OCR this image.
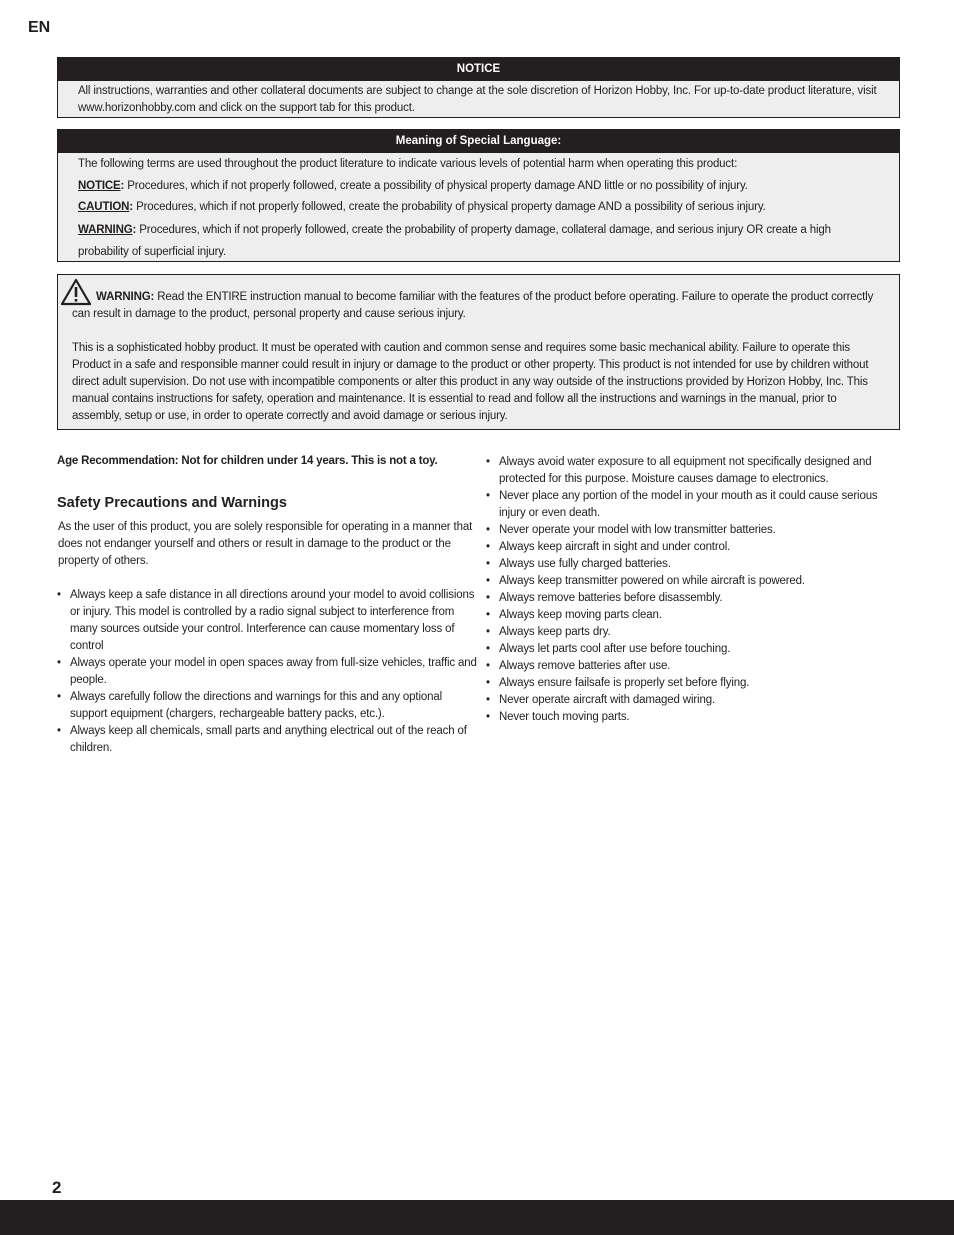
EN
NOTICE

All instructions, warranties and other collateral documents are subject to change at the sole discretion of Horizon Hobby, Inc. For up-to-date product literature, visit www.horizonhobby.com and click on the support tab for this product.

Meaning of Special Language:

The following terms are used throughout the product literature to indicate various levels of potential harm when operating this product:

NOTICE: Procedures, which if not properly followed, create a possibility of physical property damage AND little or no possibility of injury.

CAUTION: Procedures, which if not properly followed, create the probability of physical property damage AND a possibility of serious injury.

WARNING: Procedures, which if not properly followed, create the probability of property damage, collateral damage, and serious injury OR create a high probability of superficial injury.

WARNING: Read the ENTIRE instruction manual to become familiar with the features of the product before operating. Failure to operate the product correctly can result in damage to the product, personal property and cause serious injury.

This is a sophisticated hobby product. It must be operated with caution and common sense and requires some basic mechanical ability. Failure to operate this Product in a safe and responsible manner could result in injury or damage to the product or other property. This product is not intended for use by children without direct adult supervision. Do not use with incompatible components or alter this product in any way outside of the instructions provided by Horizon Hobby, Inc. This manual contains instructions for safety, operation and maintenance. It is essential to read and follow all the instructions and warnings in the manual, prior to assembly, setup or use, in order to operate correctly and avoid damage or serious injury.

Age Recommendation: Not for children under 14 years. This is not a toy.
Safety Precautions and Warnings

As the user of this product, you are solely responsible for operating in a manner that does not endanger yourself and others or result in damage to the product or the property of others.

• Always keep a safe distance in all directions around your model to avoid collisions or injury. This model is controlled by a radio signal subject to interference from many sources outside your control. Interference can cause momentary loss of control
• Always operate your model in open spaces away from full-size vehicles, traffic and people.
• Always carefully follow the directions and warnings for this and any optional support equipment (chargers, rechargeable battery packs, etc.).
• Always keep all chemicals, small parts and anything electrical out of the reach of children.
• Always avoid water exposure to all equipment not specifically designed and protected for this purpose. Moisture causes damage to electronics.
• Never place any portion of the model in your mouth as it could cause serious injury or even death.
• Never operate your model with low transmitter batteries.
• Always keep aircraft in sight and under control.
• Always use fully charged batteries.
• Always keep transmitter powered on while aircraft is powered.
• Always remove batteries before disassembly.
• Always keep moving parts clean.
• Always keep parts dry.
• Always let parts cool after use before touching.
• Always remove batteries after use.
• Always ensure failsafe is properly set before flying.
• Never operate aircraft with damaged wiring.
• Never touch moving parts.
2
